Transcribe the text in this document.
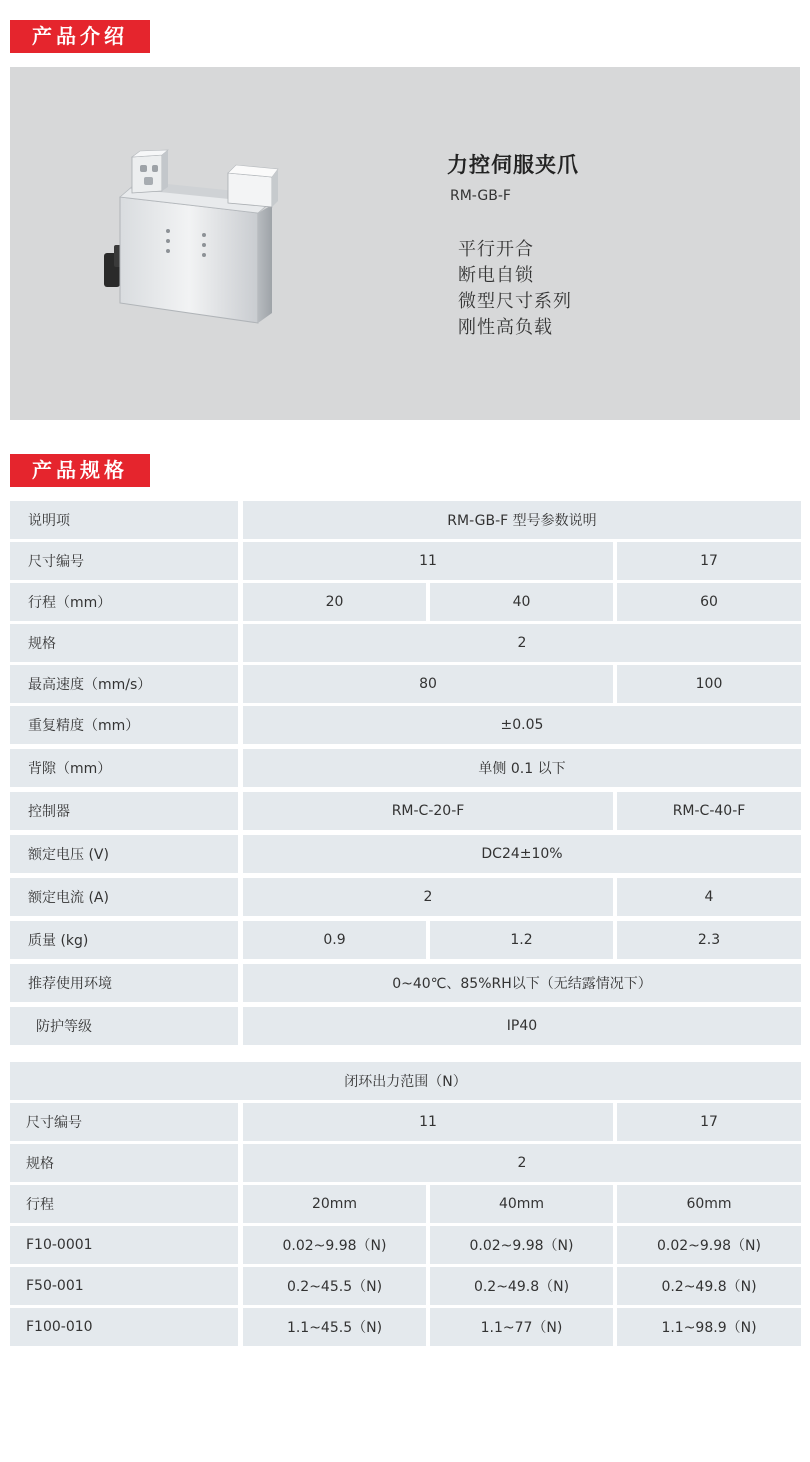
产品介绍
力控伺服夹爪
RM-GB-F
平行开合
断电自锁
微型尺寸系列
刚性高负载
产品规格
说明项	RM-GB-F 型号参数说明
尺寸编号	11	17
行程（mm）	20	40	60
规格	2
最高速度（mm/s）	80	100
重复精度（mm）	±0.05
背隙（mm）	单侧 0.1 以下
控制器	RM-C-20-F	RM-C-40-F
额定电压 (V)	DC24±10%
额定电流 (A)	2	4
质量 (kg)	0.9	1.2	2.3
推荐使用环境	0~40℃、85%RH以下（无结露情况下）
防护等级	IP40
闭环出力范围（N）
尺寸编号	11	17
规格	2
行程	20mm	40mm	60mm
F10-0001	0.02~9.98（N)	0.02~9.98（N)	0.02~9.98（N)
F50-001	0.2~45.5（N)	0.2~49.8（N)	0.2~49.8（N)
F100-010	1.1~45.5（N)	1.1~77（N)	1.1~98.9（N)
